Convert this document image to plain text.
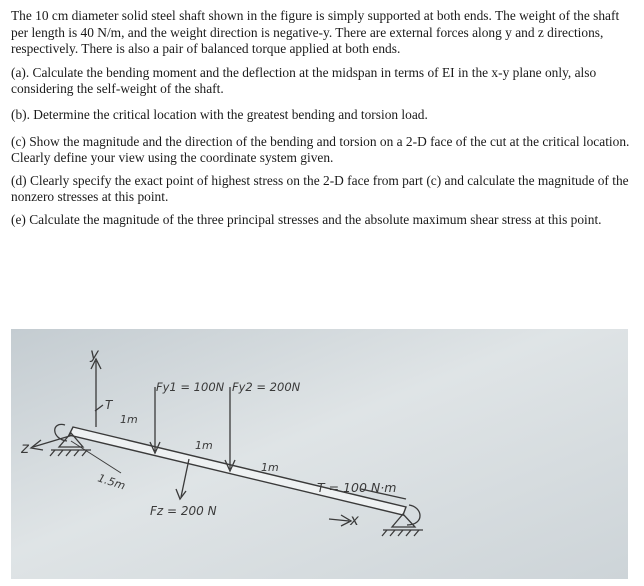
The 10 cm diameter solid steel shaft shown in the figure is simply supported at both ends. The weight of the shaft per length is 40 N/m, and the weight direction is negative-y. There are external forces along y and z directions, respectively. There is also a pair of balanced torque applied at both ends.

(a). Calculate the bending moment and the deflection at the midspan in terms of EI in the x-y plane only, also considering the self-weight of the shaft.

(b). Determine the critical location with the greatest bending and torsion load.

(c) Show the magnitude and the direction of the bending and torsion on a 2-D face of the cut at the critical location. Clearly define your view using the coordinate system given.

(d) Clearly specify the exact point of highest stress on the 2-D face from part (c) and calculate the magnitude of the nonzero stresses at this point.

(e) Calculate the magnitude of the three principal stresses and the absolute maximum shear stress at this point.

y
z
x
T
1m
1m
1m
1.5m
Fy1 = 100N Fy2 = 200N
Fz = 200 N
T = 100 N·m
